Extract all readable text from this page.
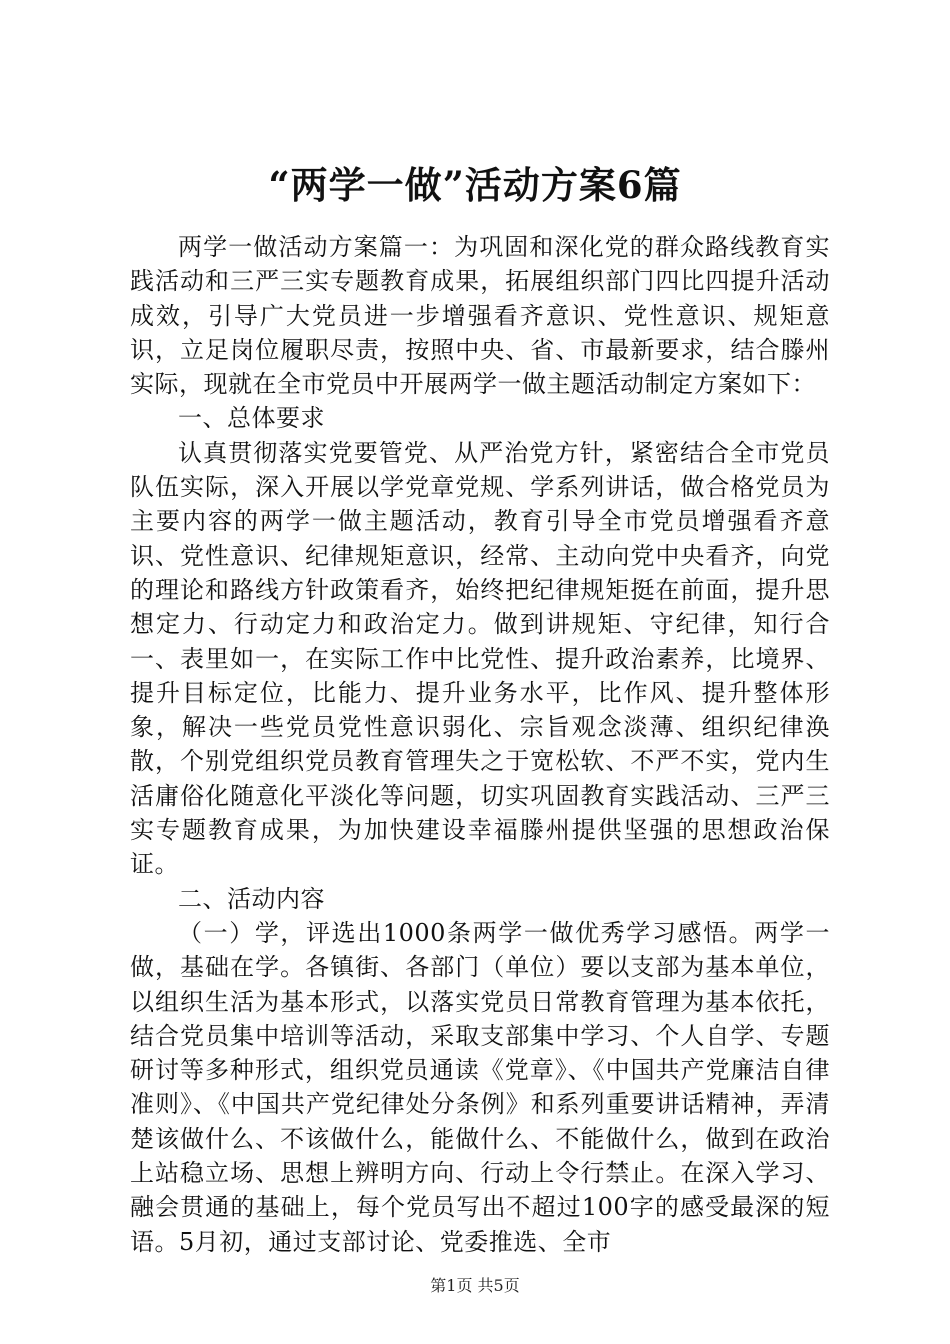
“两学一做”活动方案6篇

两学一做活动方案篇一：为巩固和深化党的群众路线教育实践活动和三严三实专题教育成果，拓展组织部门四比四提升活动成效，引导广大党员进一步增强看齐意识、党性意识、规矩意识，立足岗位履职尽责，按照中央、省、市最新要求，结合滕州实际，现就在全市党员中开展两学一做主题活动制定方案如下：

一、总体要求

认真贯彻落实党要管党、从严治党方针，紧密结合全市党员队伍实际，深入开展以学党章党规、学系列讲话，做合格党员为主要内容的两学一做主题活动，教育引导全市党员增强看齐意识、党性意识、纪律规矩意识，经常、主动向党中央看齐，向党的理论和路线方针政策看齐，始终把纪律规矩挺在前面，提升思想定力、行动定力和政治定力。做到讲规矩、守纪律，知行合一、表里如一，在实际工作中比党性、提升政治素养，比境界、提升目标定位，比能力、提升业务水平，比作风、提升整体形象，解决一些党员党性意识弱化、宗旨观念淡薄、组织纪律涣散，个别党组织党员教育管理失之于宽松软、不严不实，党内生活庸俗化随意化平淡化等问题，切实巩固教育实践活动、三严三实专题教育成果，为加快建设幸福滕州提供坚强的思想政治保证。

二、活动内容

（一）学，评选出1000条两学一做优秀学习感悟。两学一做，基础在学。各镇街、各部门（单位）要以支部为基本单位，以组织生活为基本形式，以落实党员日常教育管理为基本依托，结合党员集中培训等活动，采取支部集中学习、个人自学、专题研讨等多种形式，组织党员通读《党章》、《中国共产党廉洁自律准则》、《中国共产党纪律处分条例》和系列重要讲话精神，弄清楚该做什么、不该做什么，能做什么、不能做什么，做到在政治上站稳立场、思想上辨明方向、行动上令行禁止。在深入学习、融会贯通的基础上，每个党员写出不超过100字的感受最深的短语。5月初，通过支部讨论、党委推选、全市

第1页 共5页
